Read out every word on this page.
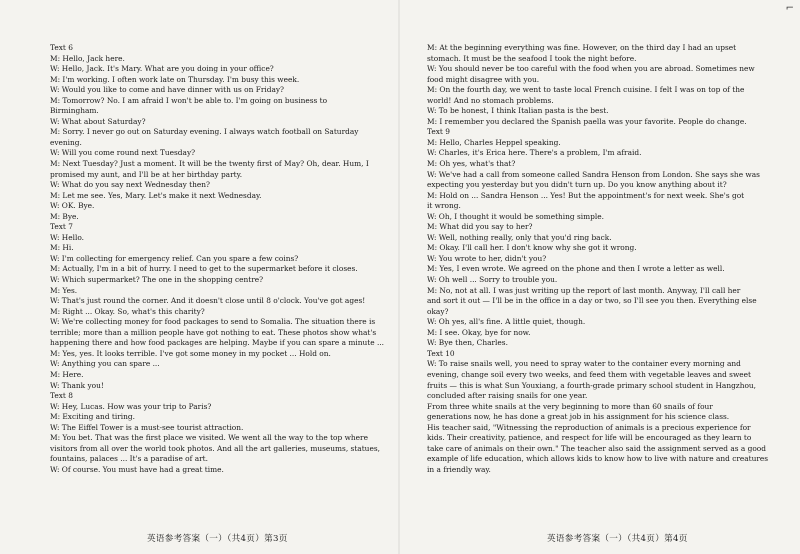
Text 6
M: Hello, Jack here.
W: Hello, Jack. It's Mary. What are you doing in your office?
M: I'm working. I often work late on Thursday. I'm busy this week.
W: Would you like to come and have dinner with us on Friday?
M: Tomorrow? No. I am afraid I won't be able to. I'm going on business to
Birmingham.
W: What about Saturday?
M: Sorry. I never go out on Saturday evening. I always watch football on Saturday
evening.
W: Will you come round next Tuesday?
M: Next Tuesday? Just a moment. It will be the twenty first of May? Oh, dear. Hum, I
promised my aunt, and I'll be at her birthday party.
W: What do you say next Wednesday then?
M: Let me see. Yes, Mary. Let's make it next Wednesday.
W: OK. Bye.
M: Bye.
Text 7
W: Hello.
M: Hi.
W: I'm collecting for emergency relief. Can you spare a few coins?
M: Actually, I'm in a bit of hurry. I need to get to the supermarket before it closes.
W: Which supermarket? The one in the shopping centre?
M: Yes.
W: That's just round the corner. And it doesn't close until 8 o'clock. You've got ages!
M: Right ... Okay. So, what's this charity?
W: We're collecting money for food packages to send to Somalia. The situation there is
terrible; more than a million people have got nothing to eat. These photos show what's
happening there and how food packages are helping. Maybe if you can spare a minute ...
M: Yes, yes. It looks terrible. I've got some money in my pocket ... Hold on.
W: Anything you can spare ...
M: Here.
W: Thank you!
Text 8
W: Hey, Lucas. How was your trip to Paris?
M: Exciting and tiring.
W: The Eiffel Tower is a must-see tourist attraction.
M: You bet. That was the first place we visited. We went all the way to the top where
visitors from all over the world took photos. And all the art galleries, museums, statues,
fountains, palaces ... It's a paradise of art.
W: Of course. You must have had a great time.
英语参考答案（一）（共4页）第3页
⌐
M: At the beginning everything was fine. However, on the third day I had an upset
stomach. It must be the seafood I took the night before.
W: You should never be too careful with the food when you are abroad. Sometimes new
food might disagree with you.
M: On the fourth day, we went to taste local French cuisine. I felt I was on top of the
world! And no stomach problems.
W: To be honest, I think Italian pasta is the best.
M: I remember you declared the Spanish paella was your favorite. People do change.
Text 9
M: Hello, Charles Heppel speaking.
W: Charles, it's Erica here. There's a problem, I'm afraid.
M: Oh yes, what's that?
W: We've had a call from someone called Sandra Henson from London. She says she was
expecting you yesterday but you didn't turn up. Do you know anything about it?
M: Hold on ... Sandra Henson ... Yes! But the appointment's for next week. She's got
it wrong.
W: Oh, I thought it would be something simple.
M: What did you say to her?
W: Well, nothing really, only that you'd ring back.
M: Okay. I'll call her. I don't know why she got it wrong.
W: You wrote to her, didn't you?
M: Yes, I even wrote. We agreed on the phone and then I wrote a letter as well.
W: Oh well ... Sorry to trouble you.
M: No, not at all. I was just writing up the report of last month. Anyway, I'll call her
and sort it out — I'll be in the office in a day or two, so I'll see you then. Everything else
okay?
W: Oh yes, all's fine. A little quiet, though.
M: I see. Okay, bye for now.
W: Bye then, Charles.
Text 10
W: To raise snails well, you need to spray water to the container every morning and
evening, change soil every two weeks, and feed them with vegetable leaves and sweet
fruits — this is what Sun Youxiang, a fourth-grade primary school student in Hangzhou,
concluded after raising snails for one year.
From three white snails at the very beginning to more than 60 snails of four
generations now, he has done a great job in his assignment for his science class.
His teacher said, "Witnessing the reproduction of animals is a precious experience for
kids. Their creativity, patience, and respect for life will be encouraged as they learn to
take care of animals on their own." The teacher also said the assignment served as a good
example of life education, which allows kids to know how to live with nature and creatures
in a friendly way.
英语参考答案（一）（共4页）第4页
